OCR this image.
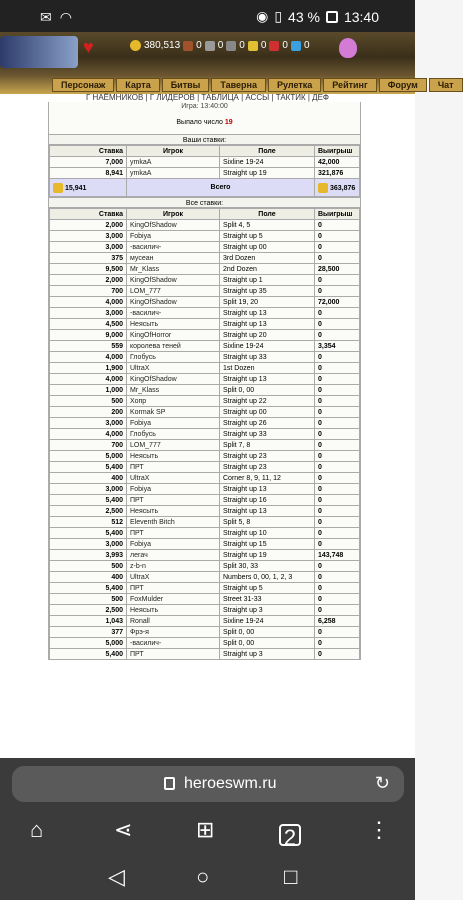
✉ ◠	◉ ▯ 43 % 13:40
♥	380,513 0 0 0 0 0 0
Персонаж	Карта	Битвы	Таверна	Рулетка	Рейтинг	Форум	Чат
Г НАЁМНИКОВ | Г ЛИДЕРОВ | ТАБЛИЦА | АССЫ | ТАКТИК | ДЕФ
Игра: 13:40:00
Выпало число 19
Ваши ставки:
Ставка	Игрок	Поле	Выигрыш
7,000	ymkaA	Sixline 19-24	42,000
8,941	ymkaA	Straight up 19	321,876
15,941	Всего		363,876
Все ставки:
Ставка	Игрок	Поле	Выигрыш
2,000	KingOfShadow	Split 4, 5	0
3,000	Fobiya	Straight up 5	0
3,000	-василич-	Straight up 00	0
375	мусеан	3rd Dozen	0
9,500	Mr_Klass	2nd Dozen	28,500
2,000	KingOfShadow	Straight up 1	0
700	LOM_777	Straight up 35	0
4,000	KingOfShadow	Split 19, 20	72,000
3,000	-василич-	Straight up 13	0
4,500	Неясыть	Straight up 13	0
9,000	KingOfHorror	Straight up 20	0
559	королева теней	Sixline 19-24	3,354
4,000	Глобусь	Straight up 33	0
1,900	UltraX	1st Dozen	0
4,000	KingOfShadow	Straight up 13	0
1,000	Mr_Klass	Split 0, 00	0
500	Хопр	Straight up 22	0
200	Kormak SP	Straight up 00	0
3,000	Fobiya	Straight up 26	0
4,000	Глобусь	Straight up 33	0
700	LOM_777	Split 7, 8	0
5,000	Неясыть	Straight up 23	0
5,400	ПРТ	Straight up 23	0
400	UltraX	Corner 8, 9, 11, 12	0
3,000	Fobiya	Straight up 13	0
5,400	ПРТ	Straight up 16	0
2,500	Неясыть	Straight up 13	0
512	Eleventh Bitch	Split 5, 8	0
5,400	ПРТ	Straight up 10	0
3,000	Fobiya	Straight up 15	0
3,993	легач	Straight up 19	143,748
500	z-b-n	Split 30, 33	0
400	UltraX	Numbers 0, 00, 1, 2, 3	0
5,400	ПРТ	Straight up 5	0
500	FoxMulder	Street 31-33	0
2,500	Неясыть	Straight up 3	0
1,043	Ronall	Sixline 19-24	6,258
377	Фрэ-я	Split 0, 00	0
5,000	-василич-	Split 0, 00	0
5,400	ПРТ	Straight up 3	0
heroeswm.ru	↻
⌂	⋖	⊞	2	⋮
◁	○	□
